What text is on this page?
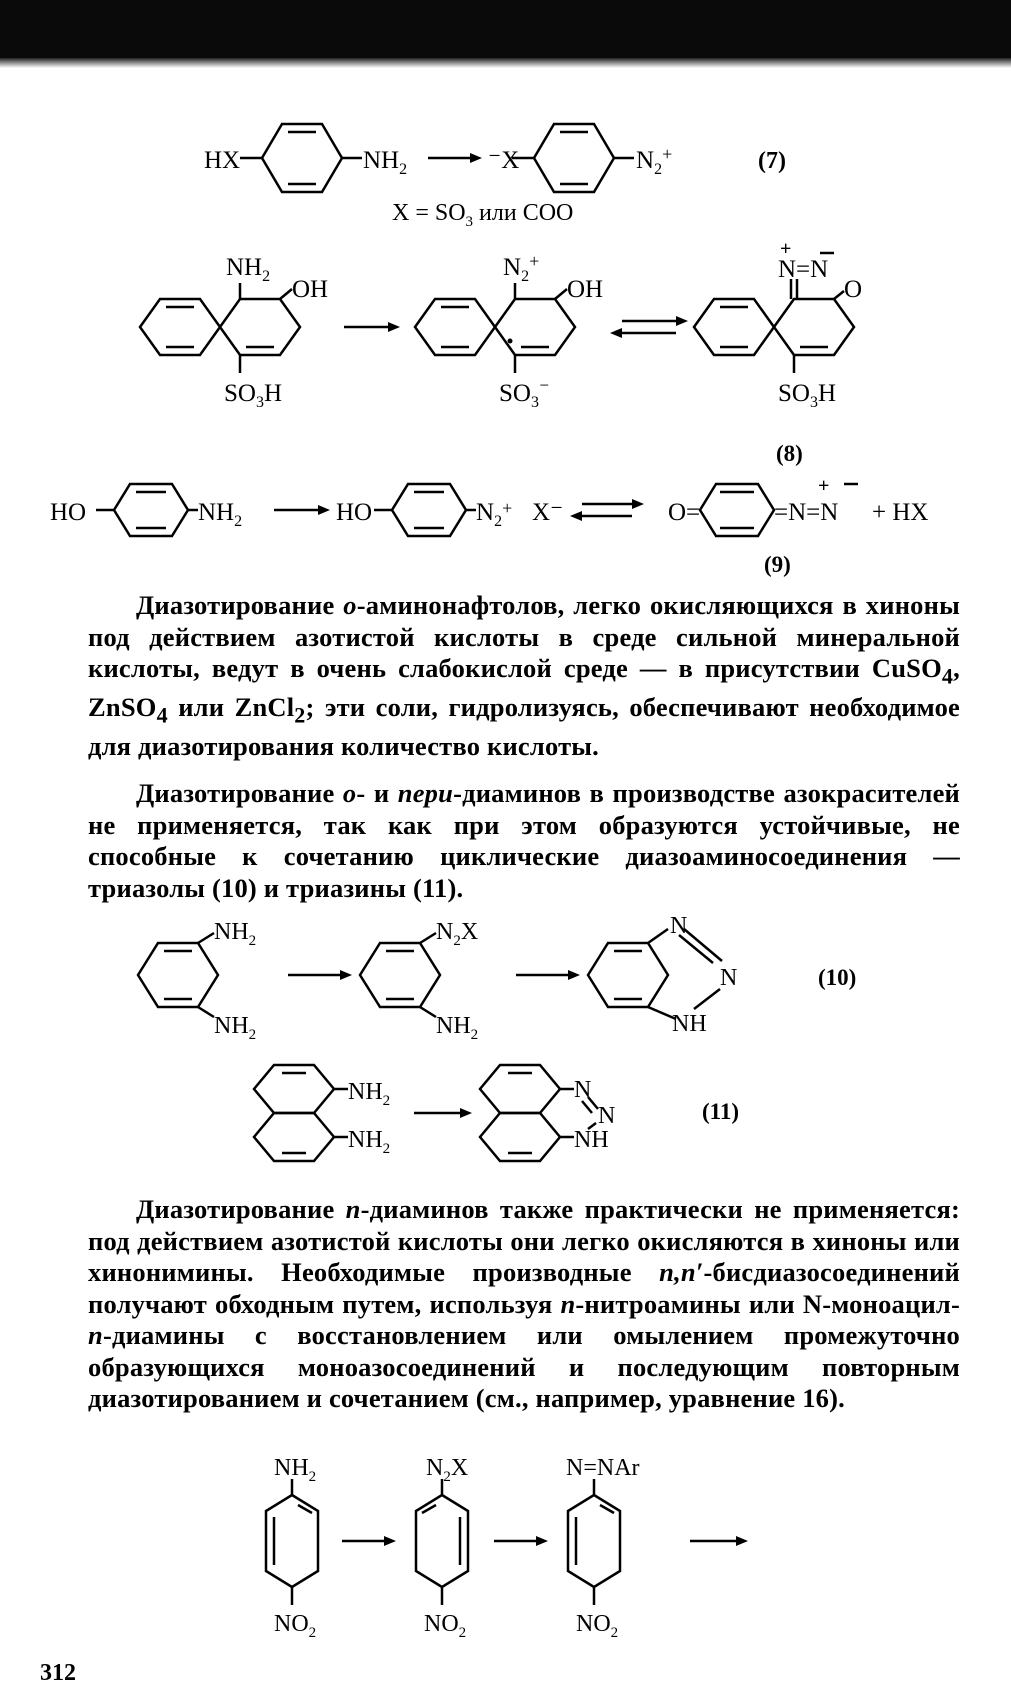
HX	$NH_2$	⁻X	$N_2^+$	(7)
$X = SO_3$ или COO
$NH_2$ OH
$SO_3H$
$N_2^+$
OH
$SO_3^{^-}$
+
N=N
O
$SO_3H$
(8)
HO	$NH_2$	HO	$N_2^+$ X⁻	O=
+
=N=N + HX
(9)

Диазотирование о-аминонафтолов, легко окисляющихся в хиноны под действием азотистой кислоты в среде сильной минеральной кислоты, ведут в очень слабокислой среде — в присутствии CuSO$_4$, ZnSO$_4$ или ZnCl$_2$; эти соли, гидролизуясь, обеспечивают необходимое для диазотирования количество кислоты.

Диазотирование о- и пери-диаминов в производстве азокрасителей не применяется, так как при этом образуются устойчивые, не способные к сочетанию циклические диазоаминосоединения — триазолы (10) и триазины (11).

$NH_2$
$NH_2$
$N_2X$
$NH_2$
N
N
NH
(10)
$NH_2$
$NH_2$
N
N
NH
(11)

Диазотирование п-диаминов также практически не применяется: под действием азотистой кислоты они легко окисляются в хиноны или хинонимины. Необходимые производные п,п′-бисдиазосоединений получают обходным путем, используя п-нитроамины или N-моноацил-п-диамины с восстановлением или омылением промежуточно образующихся моноазосоединений и последующим повторным диазотированием и сочетанием (см., например, уравнение 16).

$NH_2$
$NO_2$
$N_2X$
$NO_2$
N=NAr
$NO_2$
312
